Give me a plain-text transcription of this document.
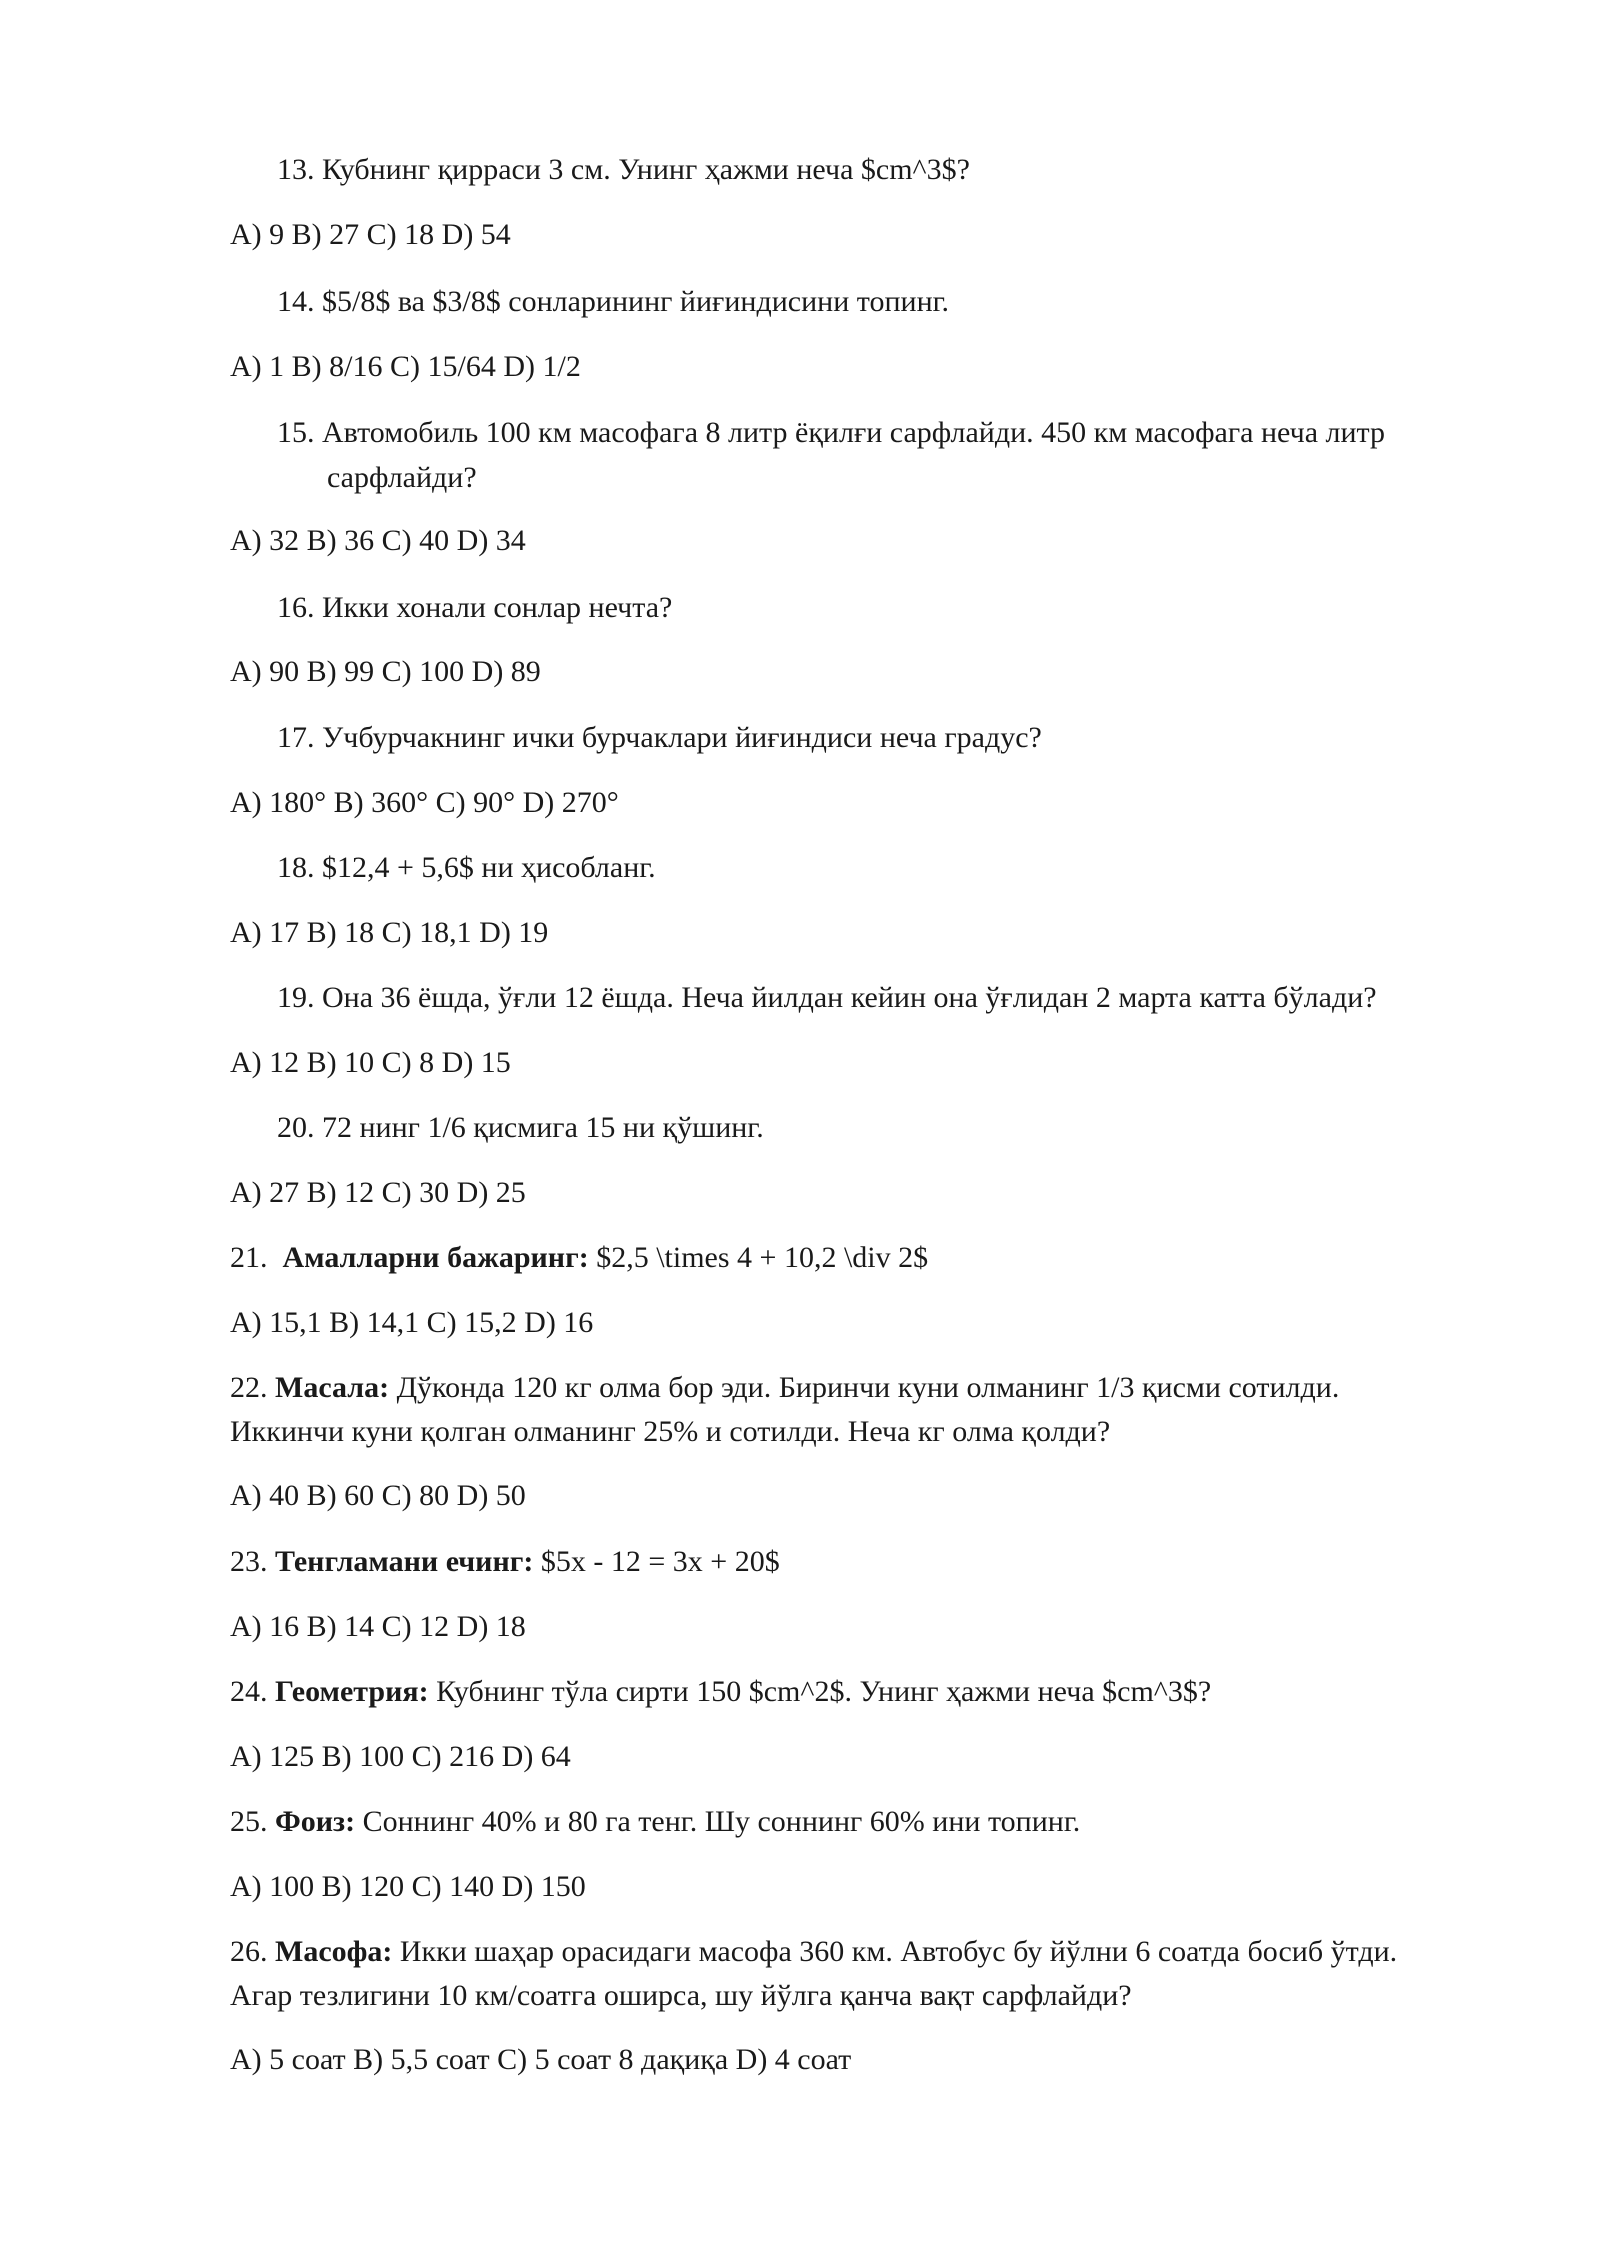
13. Кубнинг қирраси 3 см. Унинг ҳажми неча $cm^3$?
A) 9 B) 27 C) 18 D) 54
14. $5/8$ ва $3/8$ сонларининг йиғиндисини топинг.
A) 1 B) 8/16 C) 15/64 D) 1/2
15. Автомобиль 100 км масофага 8 литр ёқилғи сарфлайди. 450 км масофага неча литр
сарфлайди?
A) 32 B) 36 C) 40 D) 34
16. Икки хонали сонлар нечта?
A) 90 B) 99 C) 100 D) 89
17. Учбурчакнинг ички бурчаклари йиғиндиси неча градус?
A) 180° B) 360° C) 90° D) 270°
18. $12,4 + 5,6$ ни ҳисобланг.
A) 17 B) 18 C) 18,1 D) 19
19. Она 36 ёшда, ўғли 12 ёшда. Неча йилдан кейин она ўғлидан 2 марта катта бўлади?
A) 12 B) 10 C) 8 D) 15
20. 72 нинг 1/6 қисмига 15 ни қўшинг.
A) 27 B) 12 C) 30 D) 25
21. Амалларни бажаринг: $2,5 \times 4 + 10,2 \div 2$
A) 15,1 B) 14,1 C) 15,2 D) 16
22. Масала: Дўконда 120 кг олма бор эди. Биринчи куни олманинг 1/3 қисми сотилди.
Иккинчи куни қолган олманинг 25% и сотилди. Неча кг олма қолди?
A) 40 B) 60 C) 80 D) 50
23. Тенгламани ечинг: $5x - 12 = 3x + 20$
A) 16 B) 14 C) 12 D) 18
24. Геометрия: Кубнинг тўла сирти 150 $cm^2$. Унинг ҳажми неча $cm^3$?
A) 125 B) 100 C) 216 D) 64
25. Фоиз: Соннинг 40% и 80 га тенг. Шу соннинг 60% ини топинг.
A) 100 B) 120 C) 140 D) 150
26. Масофа: Икки шаҳар орасидаги масофа 360 км. Автобус бу йўлни 6 соатда босиб ўтди.
Агар тезлигини 10 км/соатга оширса, шу йўлга қанча вақт сарфлайди?
A) 5 соат B) 5,5 соат C) 5 соат 8 дақиқа D) 4 соат
